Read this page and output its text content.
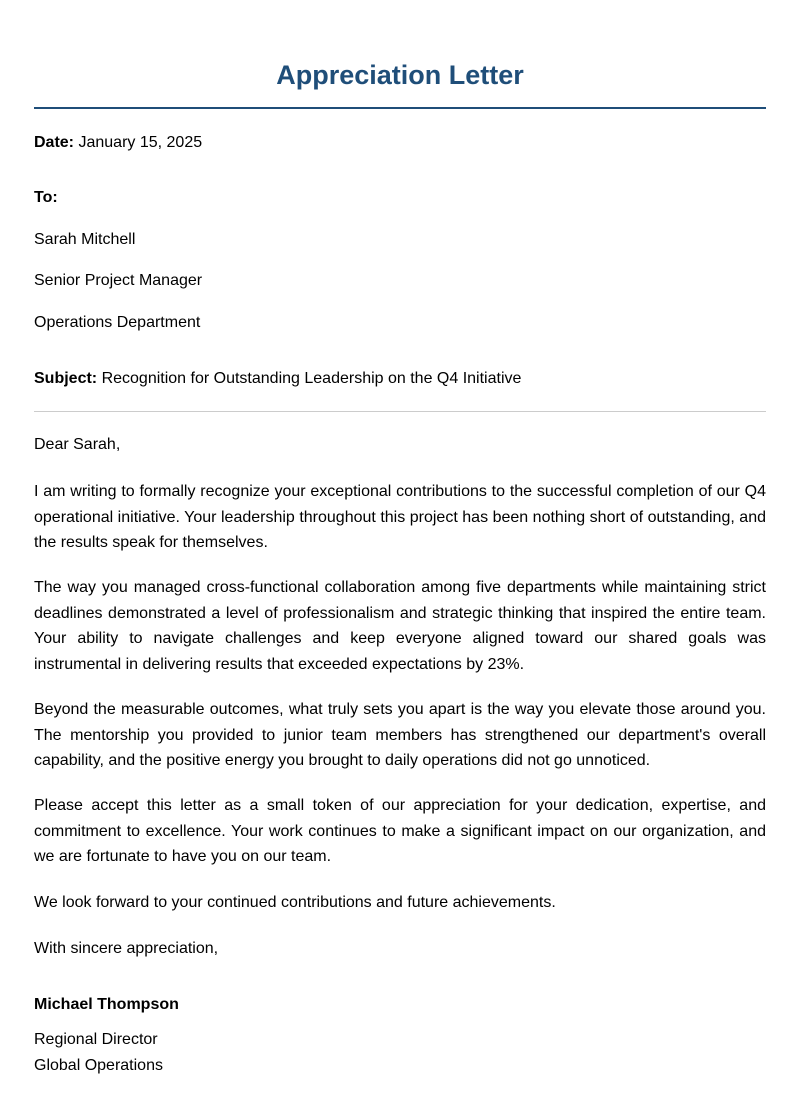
Appreciation Letter
Date: January 15, 2025
To:
Sarah Mitchell
Senior Project Manager
Operations Department
Subject: Recognition for Outstanding Leadership on the Q4 Initiative
Dear Sarah,

I am writing to formally recognize your exceptional contributions to the successful completion of our Q4 operational initiative. Your leadership throughout this project has been nothing short of outstanding, and the results speak for themselves.

The way you managed cross-functional collaboration among five departments while maintaining strict deadlines demonstrated a level of professionalism and strategic thinking that inspired the entire team. Your ability to navigate challenges and keep everyone aligned toward our shared goals was instrumental in delivering results that exceeded expectations by 23%.

Beyond the measurable outcomes, what truly sets you apart is the way you elevate those around you. The mentorship you provided to junior team members has strengthened our department's overall capability, and the positive energy you brought to daily operations did not go unnoticed.

Please accept this letter as a small token of our appreciation for your dedication, expertise, and commitment to excellence. Your work continues to make a significant impact on our organization, and we are fortunate to have you on our team.

We look forward to your continued contributions and future achievements.

With sincere appreciation,
Michael Thompson
Regional Director
Global Operations
